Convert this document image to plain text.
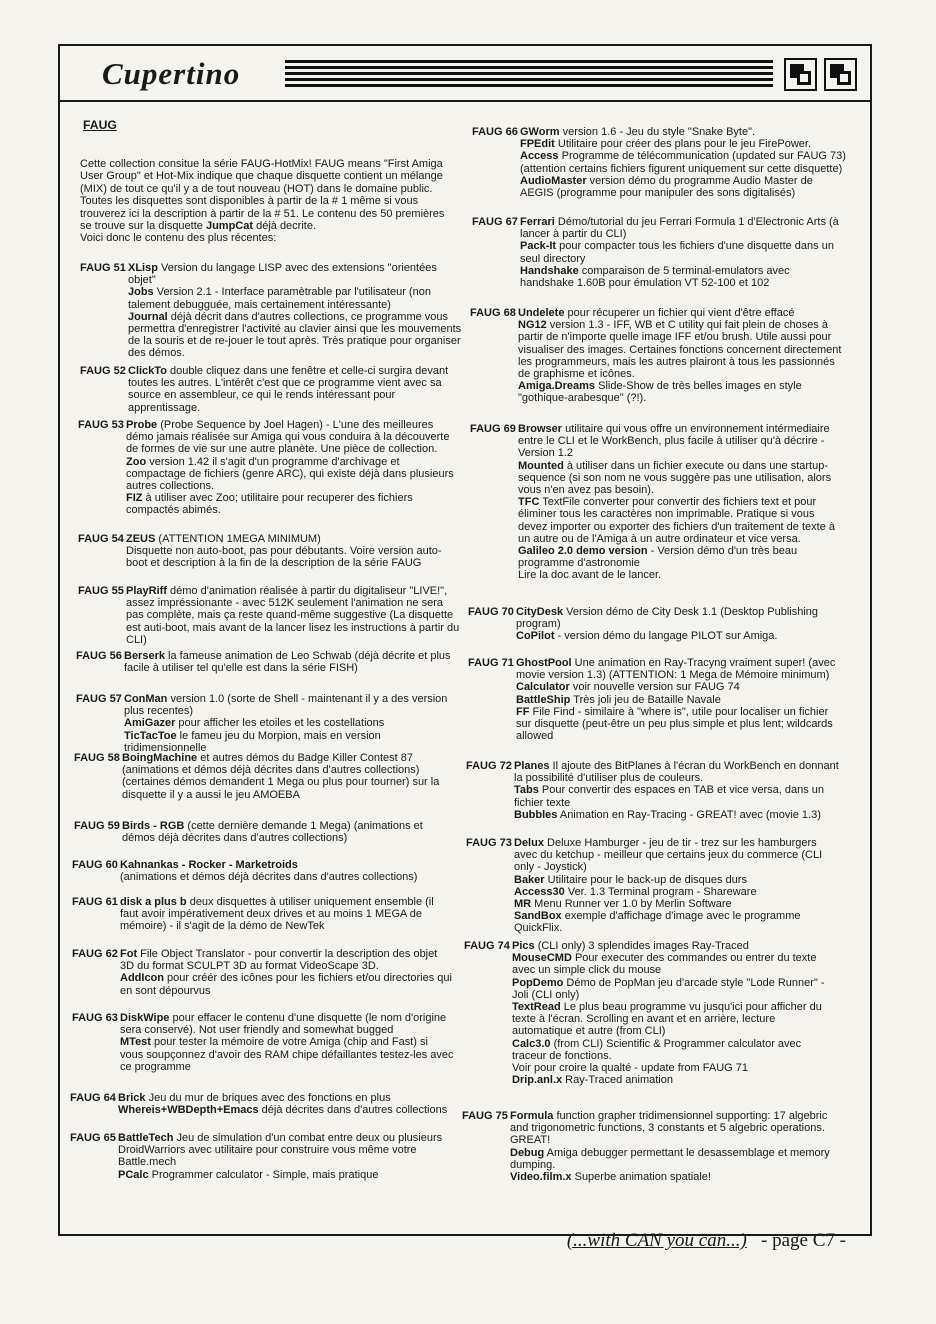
Cupertino
FAUG
Cette collection consitue la série FAUG-HotMix! FAUG means "First Amiga User Group" et Hot-Mix indique que chaque disquette contient un mélange (MIX) de tout ce qu'il y a de tout nouveau (HOT) dans le domaine public. Toutes les disquettes sont disponibles à partir de la # 1 même si vous trouverez ici la description à partir de la # 51. Le contenu des 50 premières se trouve sur la disquette JumpCat déjà decrite.
Voici donc le contenu des plus récentes:
FAUG 51 XLisp Version du langage LISP avec des extensions "orientées objet"
Jobs Version 2.1 - Interface paramètrable par l'utilisateur (non talement debugguée, mais certainement intéressante)
Journal déjà décrit dans d'autres collections, ce programme vous permettra d'enregistrer l'activité au clavier ainsi que les mouvements de la souris et de re-jouer le tout après. Très pratique pour organiser des démos.
FAUG 52 ClickTo double cliquez dans une fenêtre et celle-ci surgira devant toutes les autres. L'intérêt c'est que ce programme vient avec sa source en assembleur, ce qui le rends intéressant pour apprentissage.
FAUG 53 Probe (Probe Sequence by Joel Hagen) - L'une des meilleures démo jamais réalisée sur Amiga qui vous conduira à la découverte de formes de vie sur une autre planète. Une pièce de collection.
Zoo version 1.42 il s'agit d'un programme d'archivage et compactage de fichiers (genre ARC), qui existe déjà dans plusieurs autres collections.
FIZ à utiliser avec Zoo; utilitaire pour recuperer des fichiers compactés abimés.
FAUG 54 ZEUS (ATTENTION 1MEGA MINIMUM)
Disquette non auto-boot, pas pour débutants. Voire version auto-boot et description à la fin de la description de la série FAUG
FAUG 55 PlayRiff démo d'animation réalisée à partir du digitaliseur "LIVE!", assez impréssionante - avec 512K seulement l'animation ne sera pas complète, mais ça reste quand-même suggestive (La disquette est auti-boot, mais avant de la lancer lisez les instructions à partir du CLI)
FAUG 56 Berserk la fameuse animation de Leo Schwab (déjà décrite et plus facile à utiliser tel qu'elle est dans la série FISH)
FAUG 57 ConMan version 1.0 (sorte de Shell - maintenant il y a des version plus recentes)
AmiGazer pour afficher les etoiles et les costellations
TicTacToe le fameu jeu du Morpion, mais en version tridimensionnelle
FAUG 58 BoingMachine et autres démos du Badge Killer Contest 87 (animations et démos déjà décrites dans d'autres collections) (certaines démos demandent 1 Mega ou plus pour tourner) sur la disquette il y a aussi le jeu AMOEBA
FAUG 59 Birds - RGB (cette dernière demande 1 Mega) (animations et démos déjà décrites dans d'autres collections)
FAUG 60 Kahnankas - Rocker - Marketroids
(animations et démos déjà décrites dans d'autres collections)
FAUG 61 disk a plus b deux disquettes à utiliser uniquement ensemble (il faut avoir impérativement deux drives et au moins 1 MEGA de mémoire) - il s'agit de la démo de NewTek
FAUG 62 Fot File Object Translator - pour convertir la description des objet 3D du format SCULPT 3D au format VideoScape 3D.
AddIcon pour créér des icônes pour les fichiers et/ou directories qui en sont dépourvus
FAUG 63 DiskWipe pour effacer le contenu d'une disquette (le nom d'origine sera conservé). Not user friendly and somewhat bugged
MTest pour tester la mémoire de votre Amiga (chip and Fast) si vous soupçonnez d'avoir des RAM chipe défaillantes testez-les avec ce programme
FAUG 64 Brick Jeu du mur de briques avec des fonctions en plus
Whereis+WBDepth+Emacs déjà décrites dans d'autres collections
FAUG 65 BattleTech Jeu de simulation d'un combat entre deux ou plusieurs DroidWarriors avec utilitaire pour construire vous même votre Battle.mech
PCalc Programmer calculator - Simple, mais pratique
FAUG 66 GWorm version 1.6 - Jeu du style "Snake Byte".
FPEdit Utilitaire pour créer des plans pour le jeu FirePower.
Access Programme de télécommunication (updated sur FAUG 73) (attention certains fichiers figurent uniquement sur cette disquette)
AudioMaster version démo du programme Audio Master de AEGIS (programme pour manipuler des sons digitalisés)
FAUG 67 Ferrari Démo/tutorial du jeu Ferrari Formula 1 d'Electronic Arts (à lancer à partir du CLI)
Pack-It pour compacter tous les fichiers d'une disquette dans un seul directory
Handshake comparaison de 5 terminal-emulators avec handshake 1.60B pour émulation VT 52-100 et 102
FAUG 68 Undelete pour récuperer un fichier qui vient d'être effacé
NG12 version 1.3 - IFF, WB et C utility qui fait plein de choses à partir de n'importe quelle image IFF et/ou brush. Utile aussi pour visualiser des images. Certaines fonctions concernent directement les programmeurs, mais les autres plairont à tous les passionnés de graphisme et icônes.
Amiga.Dreams Slide-Show de très belles images en style "gothique-arabesque" (?!).
FAUG 69 Browser utilitaire qui vous offre un environnement intérmediaire entre le CLI et le WorkBench, plus facile à utiliser qu'à décrire - Version 1.2
Mounted à utiliser dans un fichier execute ou dans une startup-sequence (si son nom ne vous suggère pas une utilisation, alors vous n'en avez pas besoin).
TFC TextFile converter pour convertir des fichiers text et pour éliminer tous les caractères non imprimable. Pratique si vous devez importer ou exporter des fichiers d'un traitement de texte à un autre ou de l'Amiga à un autre ordinateur et vice versa.
Galileo 2.0 demo version - Version démo d'un très beau programme d'astronomie
Lire la doc avant de le lancer.
FAUG 70 CityDesk Version démo de City Desk 1.1 (Desktop Publishing program)
CoPilot - version démo du langage PILOT sur Amiga.
FAUG 71 GhostPool Une animation en Ray-Tracyng vraiment super! (avec movie version 1.3) (ATTENTION: 1 Mega de Mémoire minimum)
Calculator voir nouvelle version sur FAUG 74
BattleShip Très joli jeu de Bataille Navale
FF File Find - similaire à "where is", utile pour localiser un fichier sur disquette (peut-être un peu plus simple et plus lent; wildcards allowed
FAUG 72 Planes Il ajoute des BitPlanes à l'écran du WorkBench en donnant la possibilité d'utiliser plus de couleurs.
Tabs Pour convertir des espaces en TAB et vice versa, dans un fichier texte
Bubbles Animation en Ray-Tracing - GREAT! avec (movie 1.3)
FAUG 73 Delux Deluxe Hamburger - jeu de tir - trez sur les hamburgers avec du ketchup - meilleur que certains jeux du commerce (CLI only - Joystick)
Baker Utilitaire pour le back-up de disques durs
Access30 Ver. 1.3 Terminal program - Shareware
MR Menu Runner ver 1.0 by Merlin Software
SandBox exemple d'affichage d'image avec le programme QuickFlix.
FAUG 74 Pics (CLI only) 3 splendides images Ray-Traced
MouseCMD Pour executer des commandes ou entrer du texte avec un simple click du mouse
PopDemo Démo de PopMan jeu d'arcade style "Lode Runner" - Joli (CLI only)
TextRead Le plus beau programme vu jusqu'ici pour afficher du texte à l'écran. Scrolling en avant et en arrière, lecture automatique et autre (from CLI)
Calc3.0 (from CLI) Scientific & Programmer calculator avec traceur de fonctions.
Voir pour croire la qualté - update from FAUG 71
Drip.anl.x Ray-Traced animation
FAUG 75 Formula function grapher tridimensionnel supporting: 17 algebric and trigonometric functions, 3 constants et 5 algebric operations. GREAT!
Debug Amiga debugger permettant le desassemblage et memory dumping.
Video.film.x Superbe animation spatiale!
(...with CAN you can...) - page C7 -
